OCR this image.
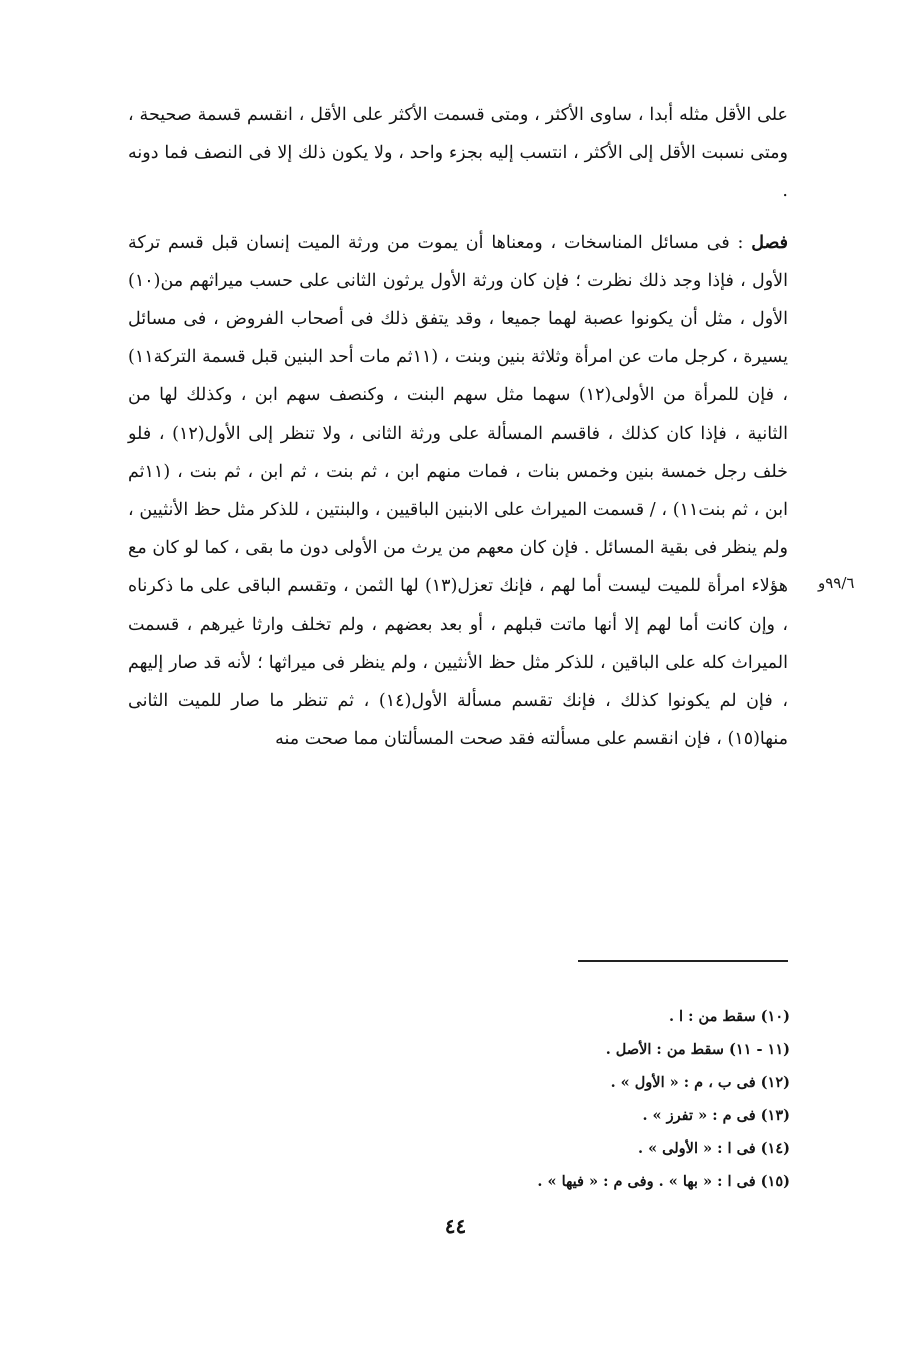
على الأقل مثله أبدا ، ساوى الأكثر ، ومتى قسمت الأكثر على الأقل ، انقسم قسمة صحيحة ، ومتى نسبت الأقل إلى الأكثر ، انتسب إليه بجزء واحد ، ولا يكون ذلك إلا فى النصف فما دونه .

فصل : فى مسائل المناسخات ، ومعناها أن يموت من ورثة الميت إنسان قبل قسم تركة الأول ، فإذا وجد ذلك نظرت ؛ فإن كان ورثة الأول يرثون الثانى على حسب ميراثهم من(١٠) الأول ، مثل أن يكونوا عصبة لهما جميعا ، وقد يتفق ذلك فى أصحاب الفروض ، فى مسائل يسيرة ، كرجل مات عن امرأة وثلاثة بنين وبنت ، (١١ثم مات أحد البنين قبل قسمة التركة١١) ، فإن للمرأة من الأولى(١٢) سهما مثل سهم البنت ، وكنصف سهم ابن ، وكذلك لها من الثانية ، فإذا كان كذلك ، فاقسم المسألة على ورثة الثانى ، ولا تنظر إلى الأول(١٢) ، فلو خلف رجل خمسة بنين وخمس بنات ، فمات منهم ابن ، ثم بنت ، ثم ابن ، ثم بنت ، (١١ثم ابن ، ثم بنت١١) ، / قسمت الميراث على الابنين الباقيين ، والبنتين ، للذكر مثل حظ الأنثيين ، ولم ينظر فى بقية المسائل . فإن كان معهم من يرث من الأولى دون ما بقى ، كما لو كان مع هؤلاء امرأة للميت ليست أما لهم ، فإنك تعزل(١٣) لها الثمن ، وتقسم الباقى على ما ذكرناه ، وإن كانت أما لهم إلا أنها ماتت قبلهم ، أو بعد بعضهم ، ولم تخلف وارثا غيرهم ، قسمت الميراث كله على الباقين ، للذكر مثل حظ الأنثيين ، ولم ينظر فى ميراثها ؛ لأنه قد صار إليهم ، فإن لم يكونوا كذلك ، فإنك تقسم مسألة الأول(١٤) ، ثم تنظر ما صار للميت الثانى منها(١٥) ، فإن انقسم على مسألته فقد صحت المسألتان مما صحت منه

٩٩/٦و
(١٠) سقط من : ا .
(١١ - ١١) سقط من : الأصل .
(١٢) فى ب ، م : « الأول » .
(١٣) فى م : « تفرز » .
(١٤) فى ا : « الأولى » .
(١٥) فى ا : « بها » . وفى م : « فيها » .
٤٤
